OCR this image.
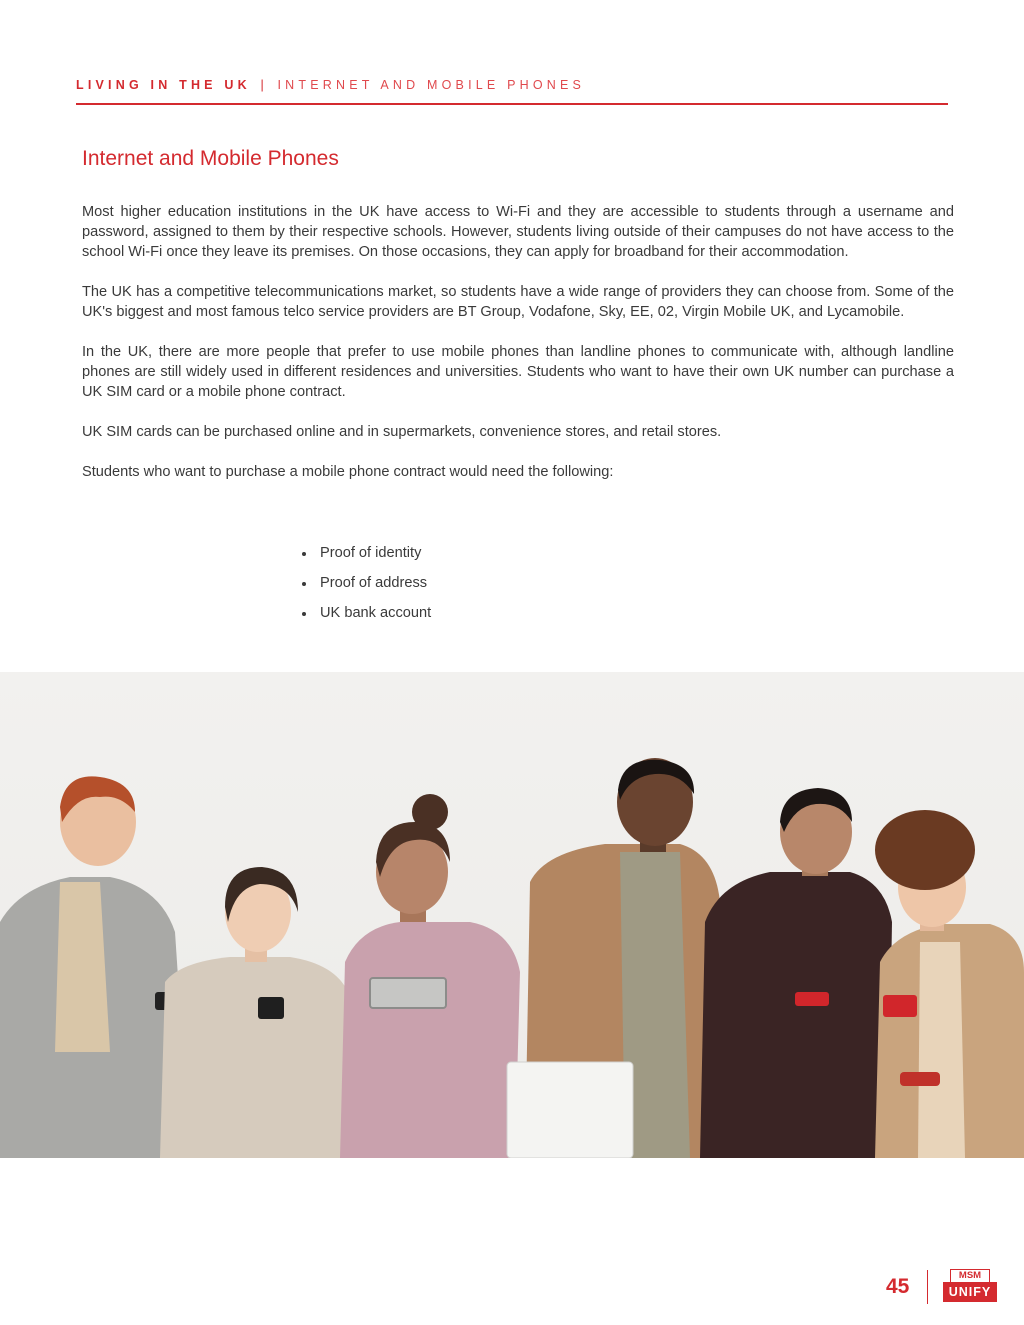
LIVING IN THE UK | INTERNET AND MOBILE PHONES
Internet and Mobile Phones

Most higher education institutions in the UK have access to Wi-Fi and they are accessible to students through a username and password, assigned to them by their respective schools. However, students living outside of their campuses do not have access to the school Wi-Fi once they leave its premises. On those occasions, they can apply for broadband for their accommodation.

The UK has a competitive telecommunications market, so students have a wide range of providers they can choose from. Some of the UK's biggest and most famous telco service providers are BT Group, Vodafone, Sky, EE, 02, Virgin Mobile UK, and Lycamobile.

In the UK, there are more people that prefer to use mobile phones than landline phones to communicate with, although landline phones are still widely used in different residences and universities. Students who want to have their own UK number can purchase a UK SIM card or a mobile phone contract.

UK SIM cards can be purchased online and in supermarkets, convenience stores, and retail stores.

Students who want to purchase a mobile phone contract would need the following:

Proof of identity
Proof of address
UK bank account
45	MSM
UNIFY
